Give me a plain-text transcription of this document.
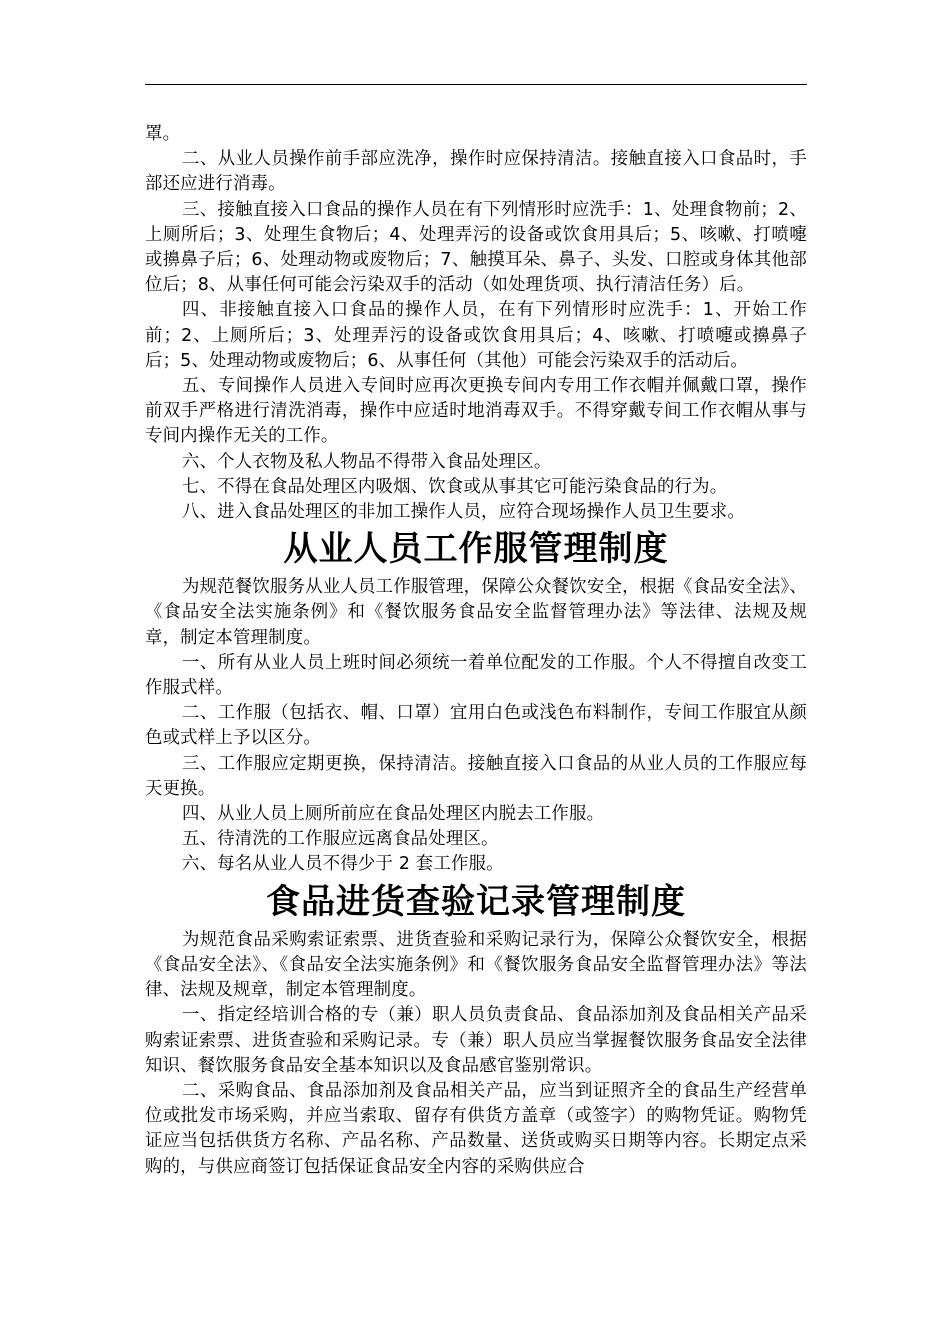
罩。

二、从业人员操作前手部应洗净，操作时应保持清洁。接触直接入口食品时，手部还应进行消毒。

三、接触直接入口食品的操作人员在有下列情形时应洗手：1、处理食物前；2、上厕所后；3、处理生食物后；4、处理弄污的设备或饮食用具后；5、咳嗽、打喷嚏或擤鼻子后；6、处理动物或废物后；7、触摸耳朵、鼻子、头发、口腔或身体其他部位后；8、从事任何可能会污染双手的活动（如处理货项、执行清洁任务）后。

四、非接触直接入口食品的操作人员，在有下列情形时应洗手：1、开始工作前；2、上厕所后；3、处理弄污的设备或饮食用具后；4、咳嗽、打喷嚏或擤鼻子后；5、处理动物或废物后；6、从事任何（其他）可能会污染双手的活动后。

五、专间操作人员进入专间时应再次更换专间内专用工作衣帽并佩戴口罩，操作前双手严格进行清洗消毒，操作中应适时地消毒双手。不得穿戴专间工作衣帽从事与专间内操作无关的工作。

六、个人衣物及私人物品不得带入食品处理区。

七、不得在食品处理区内吸烟、饮食或从事其它可能污染食品的行为。

八、进入食品处理区的非加工操作人员，应符合现场操作人员卫生要求。

从业人员工作服管理制度

为规范餐饮服务从业人员工作服管理，保障公众餐饮安全，根据《食品安全法》、《食品安全法实施条例》和《餐饮服务食品安全监督管理办法》等法律、法规及规章，制定本管理制度。

一、所有从业人员上班时间必须统一着单位配发的工作服。个人不得擅自改变工作服式样。

二、工作服（包括衣、帽、口罩）宜用白色或浅色布料制作，专间工作服宜从颜色或式样上予以区分。

三、工作服应定期更换，保持清洁。接触直接入口食品的从业人员的工作服应每天更换。

四、从业人员上厕所前应在食品处理区内脱去工作服。

五、待清洗的工作服应远离食品处理区。

六、每名从业人员不得少于 2 套工作服。

食品进货查验记录管理制度

为规范食品采购索证索票、进货查验和采购记录行为，保障公众餐饮安全，根据《食品安全法》、《食品安全法实施条例》和《餐饮服务食品安全监督管理办法》等法律、法规及规章，制定本管理制度。

一、指定经培训合格的专（兼）职人员负责食品、食品添加剂及食品相关产品采购索证索票、进货查验和采购记录。专（兼）职人员应当掌握餐饮服务食品安全法律知识、餐饮服务食品安全基本知识以及食品感官鉴别常识。

二、采购食品、食品添加剂及食品相关产品，应当到证照齐全的食品生产经营单位或批发市场采购，并应当索取、留存有供货方盖章（或签字）的购物凭证。购物凭证应当包括供货方名称、产品名称、产品数量、送货或购买日期等内容。长期定点采购的，与供应商签订包括保证食品安全内容的采购供应合
